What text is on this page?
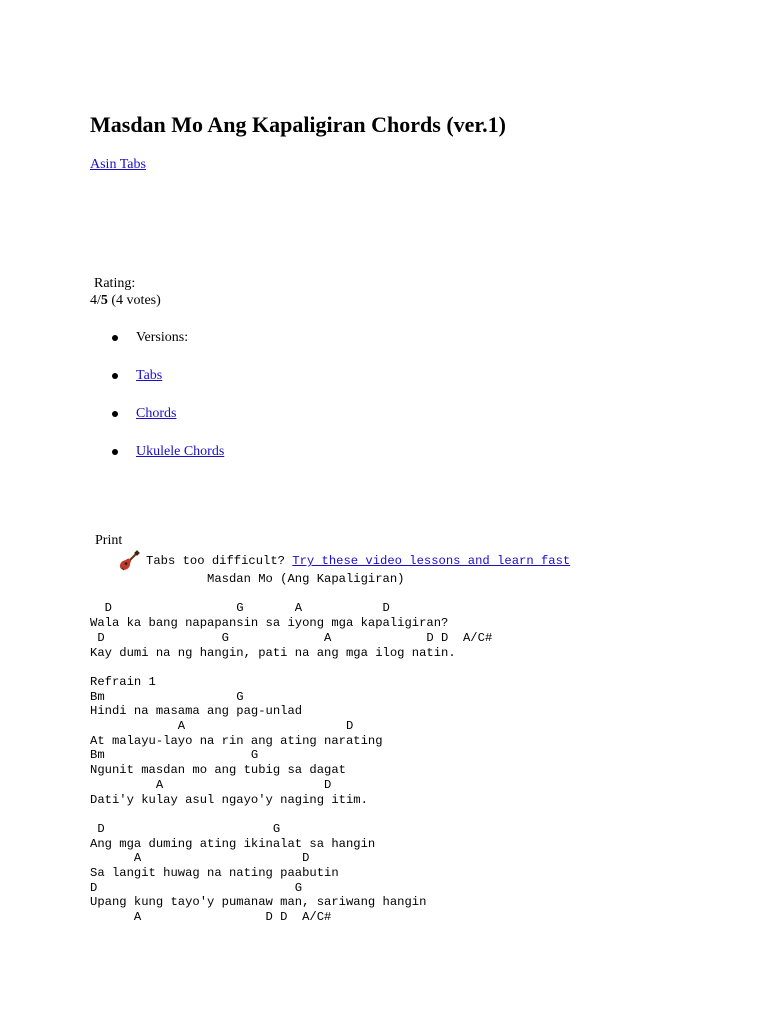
Masdan Mo Ang Kapaligiran Chords (ver.1)
Asin Tabs
Rating:
4/5 (4 votes)
Versions:
Tabs
Chords
Ukulele Chords
Print
Tabs too difficult? Try these video lessons and learn fast
Masdan Mo (Ang Kapaligiran)

D                 G       A           D
Wala ka bang napapansin sa iyong mga kapaligiran?
D                G             A             D D  A/C#
Kay dumi na ng hangin, pati na ang mga ilog natin.

Refrain 1
Bm                  G
Hindi na masama ang pag-unlad
A                      D
At malayu-layo na rin ang ating narating
Bm                    G
Ngunit masdan mo ang tubig sa dagat
A                      D
Dati'y kulay asul ngayo'y naging itim.

D                       G
Ang mga duming ating ikinalat sa hangin
A                      D
Sa langit huwag na nating paabutin
D                           G
Upang kung tayo'y pumanaw man, sariwang hangin
A                 D D  A/C#
